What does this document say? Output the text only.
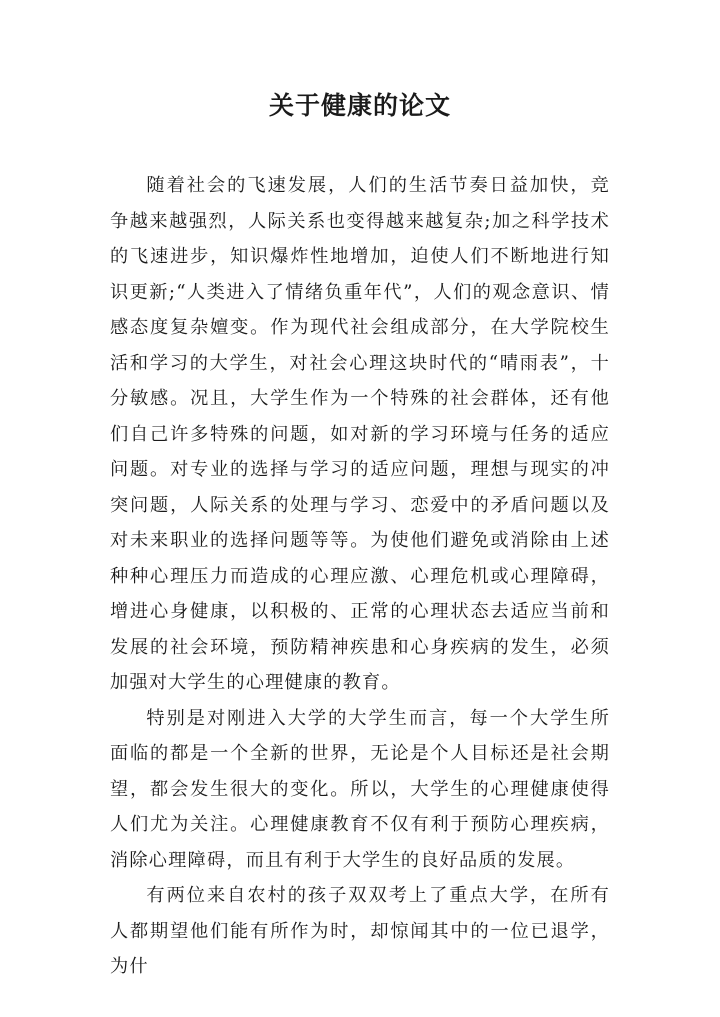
关于健康的论文

随着社会的飞速发展，人们的生活节奏日益加快，竞争越来越强烈，人际关系也变得越来越复杂;加之科学技术的飞速进步，知识爆炸性地增加，迫使人们不断地进行知识更新;“人类进入了情绪负重年代”，人们的观念意识、情感态度复杂嬗变。作为现代社会组成部分，在大学院校生活和学习的大学生，对社会心理这块时代的“晴雨表”，十分敏感。况且，大学生作为一个特殊的社会群体，还有他们自己许多特殊的问题，如对新的学习环境与任务的适应问题。对专业的选择与学习的适应问题，理想与现实的冲突问题，人际关系的处理与学习、恋爱中的矛盾问题以及对未来职业的选择问题等等。为使他们避免或消除由上述种种心理压力而造成的心理应激、心理危机或心理障碍，增进心身健康，以积极的、正常的心理状态去适应当前和发展的社会环境，预防精神疾患和心身疾病的发生，必须加强对大学生的心理健康的教育。

特别是对刚进入大学的大学生而言，每一个大学生所面临的都是一个全新的世界，无论是个人目标还是社会期望，都会发生很大的变化。所以，大学生的心理健康使得人们尤为关注。心理健康教育不仅有利于预防心理疾病，消除心理障碍，而且有利于大学生的良好品质的发展。

有两位来自农村的孩子双双考上了重点大学，在所有人都期望他们能有所作为时，却惊闻其中的一位已退学，为什
